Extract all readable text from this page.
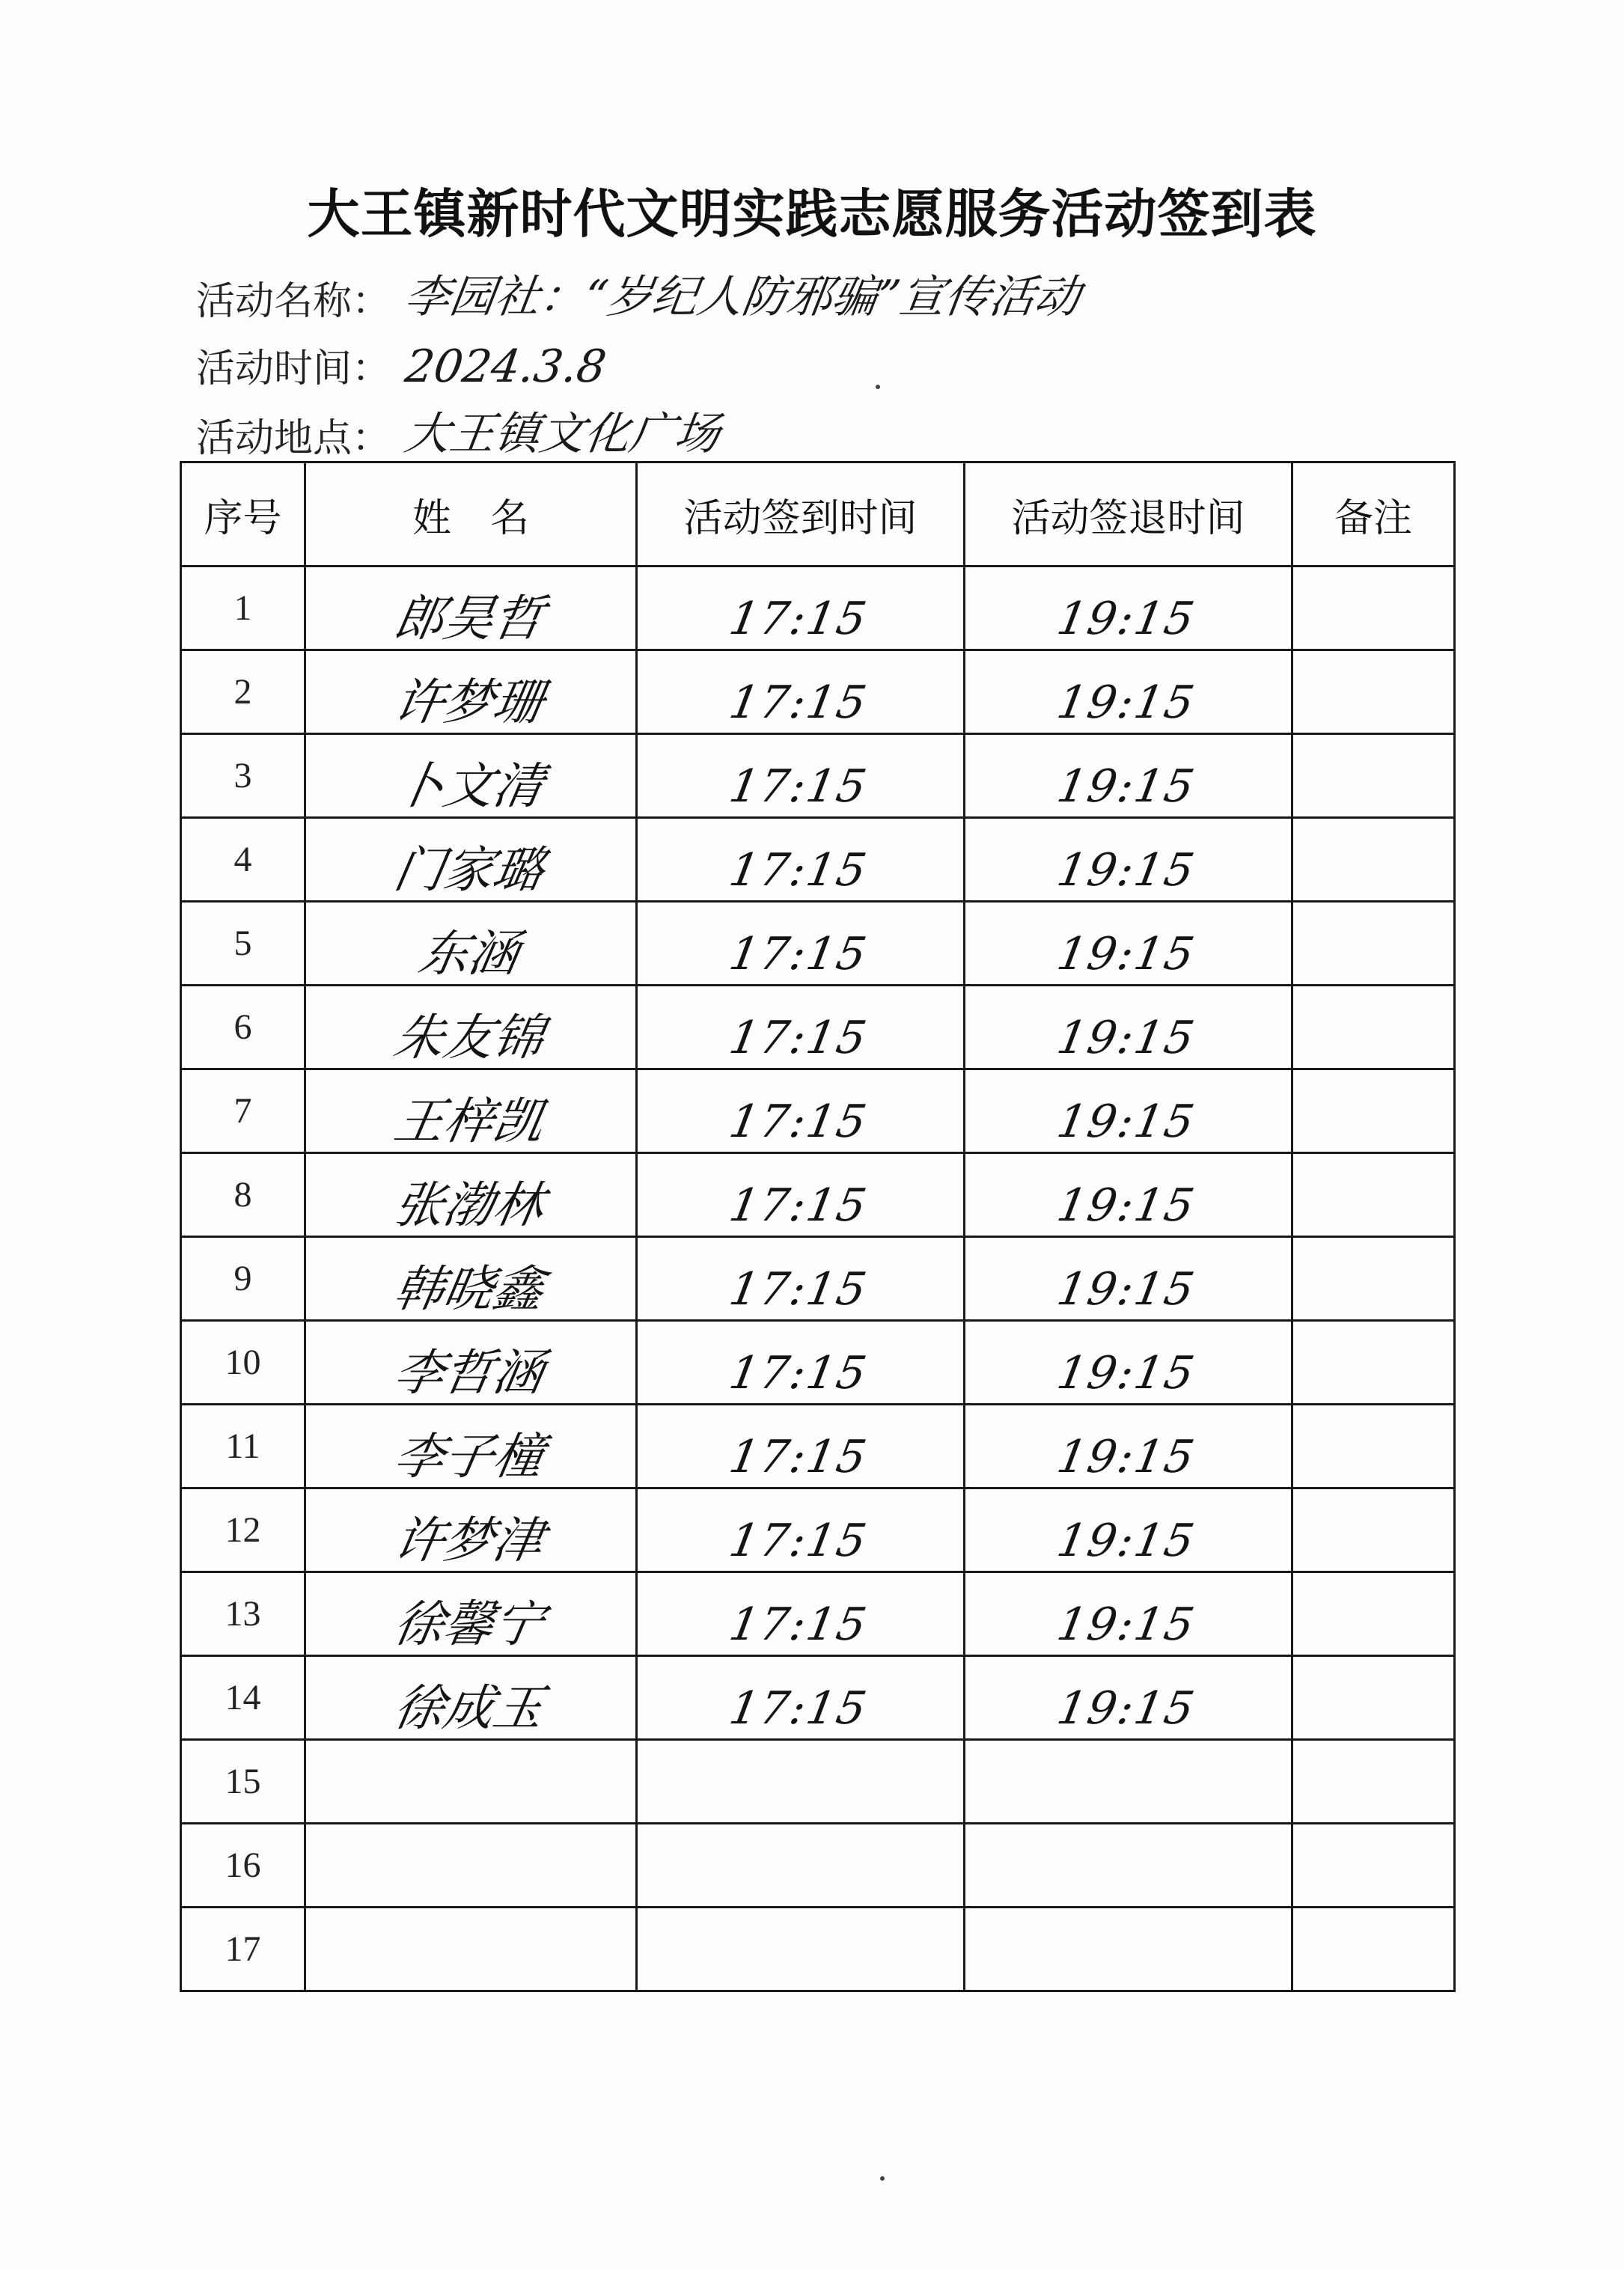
大王镇新时代文明实践志愿服务活动签到表
活动名称： 李园社：“岁纪人防邪骗”宣传活动
活动时间： 2024.3.8
活动地点： 大王镇文化广场
序号	姓　名	活动签到时间	活动签退时间	备注
1	郎昊哲	17:15	19:15	
2	许梦珊	17:15	19:15	
3	卜文清	17:15	19:15	
4	门家璐	17:15	19:15	
5	东涵	17:15	19:15	
6	朱友锦	17:15	19:15	
7	王梓凯	17:15	19:15	
8	张渤林	17:15	19:15	
9	韩晓鑫	17:15	19:15	
10	李哲涵	17:15	19:15	
11	李子橦	17:15	19:15	
12	许梦津	17:15	19:15	
13	徐馨宁	17:15	19:15	
14	徐成玉	17:15	19:15	
15				
16				
17				
